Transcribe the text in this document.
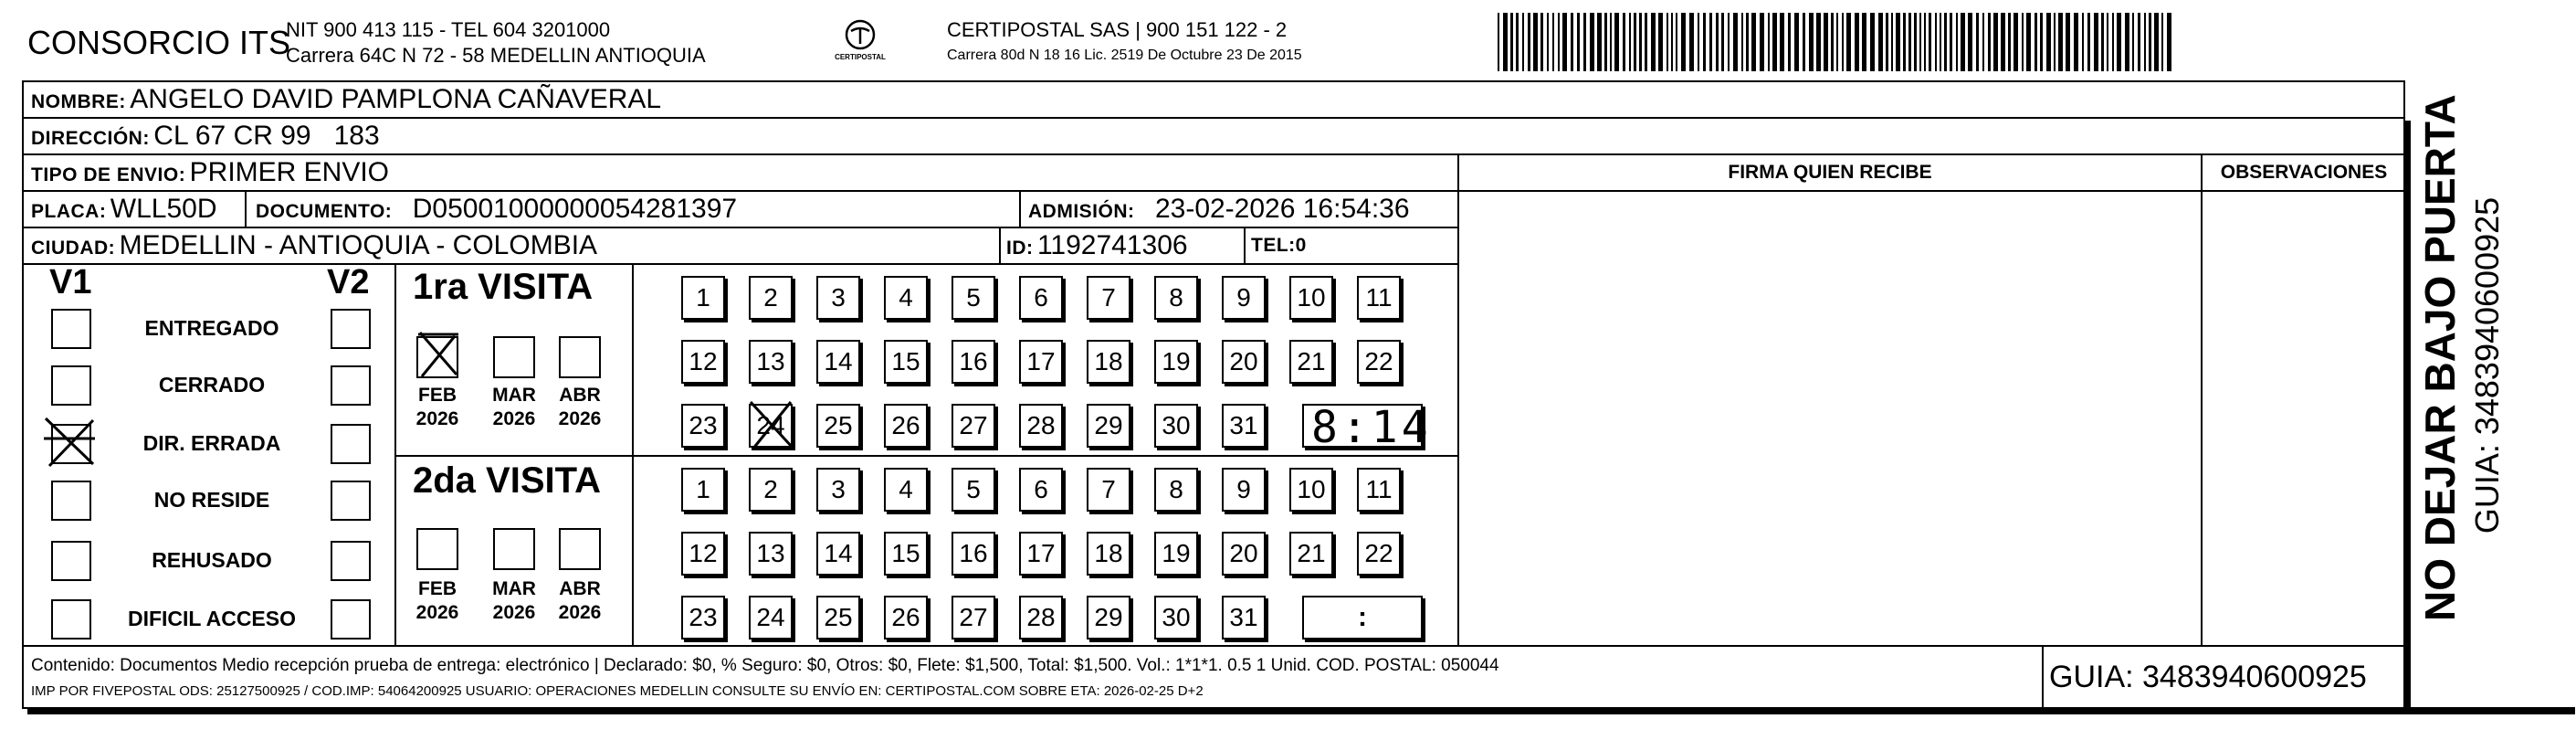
CONSORCIO ITS
NIT 900 413 115 - TEL 604 3201000
Carrera 64C N 72 - 58 MEDELLIN ANTIOQUIA	CERTIPOSTAL
CERTIPOSTAL SAS | 900 151 122 - 2
Carrera 80d N 18 16 Lic. 2519 De Octubre 23 De 2015
NOMBRE: ANGELO DAVID PAMPLONA CAÑAVERAL
DIRECCIÓN: CL 67 CR 99   183
TIPO DE ENVIO: PRIMER ENVIO
PLACA: WLL50D DOCUMENTO: D05001000000054281397	ADMISIÓN: 23-02-2026 16:54:36
CIUDAD: MEDELLIN - ANTIOQUIA - COLOMBIA	ID: 1192741306	TEL:0
FIRMA QUIEN RECIBE	OBSERVACIONES
V1	V2
ENTREGADO
CERRADO
DIR. ERRADA
NO RESIDE
REHUSADO
DIFICIL ACCESO
1ra VISITA
2da VISITA
FEB
2026
MAR
2026
ABR
2026
FEB
2026
MAR
2026
ABR
2026
1	2	3	4	5	6	7	8	9	10	11
12	13	14	15	16	17	18	19	20	21	22
23	24	25	26	27	28	29	30	31
1	2	3	4	5	6	7	8	9	10	11
12	13	14	15	16	17	18	19	20	21	22
23	24	25	26	27	28	29	30	31
8:14
:
Contenido: Documentos Medio recepción prueba de entrega: electrónico | Declarado: $0, % Seguro: $0, Otros: $0, Flete: $1,500, Total: $1,500. Vol.: 1*1*1. 0.5 1 Unid. COD. POSTAL: 050044
IMP POR FIVEPOSTAL ODS: 25127500925 / COD.IMP: 54064200925 USUARIO: OPERACIONES MEDELLIN CONSULTE SU ENVÍO EN: CERTIPOSTAL.COM SOBRE ETA: 2026-02-25 D+2	GUIA: 3483940600925
NO DEJAR BAJO PUERTA GUIA: 3483940600925
